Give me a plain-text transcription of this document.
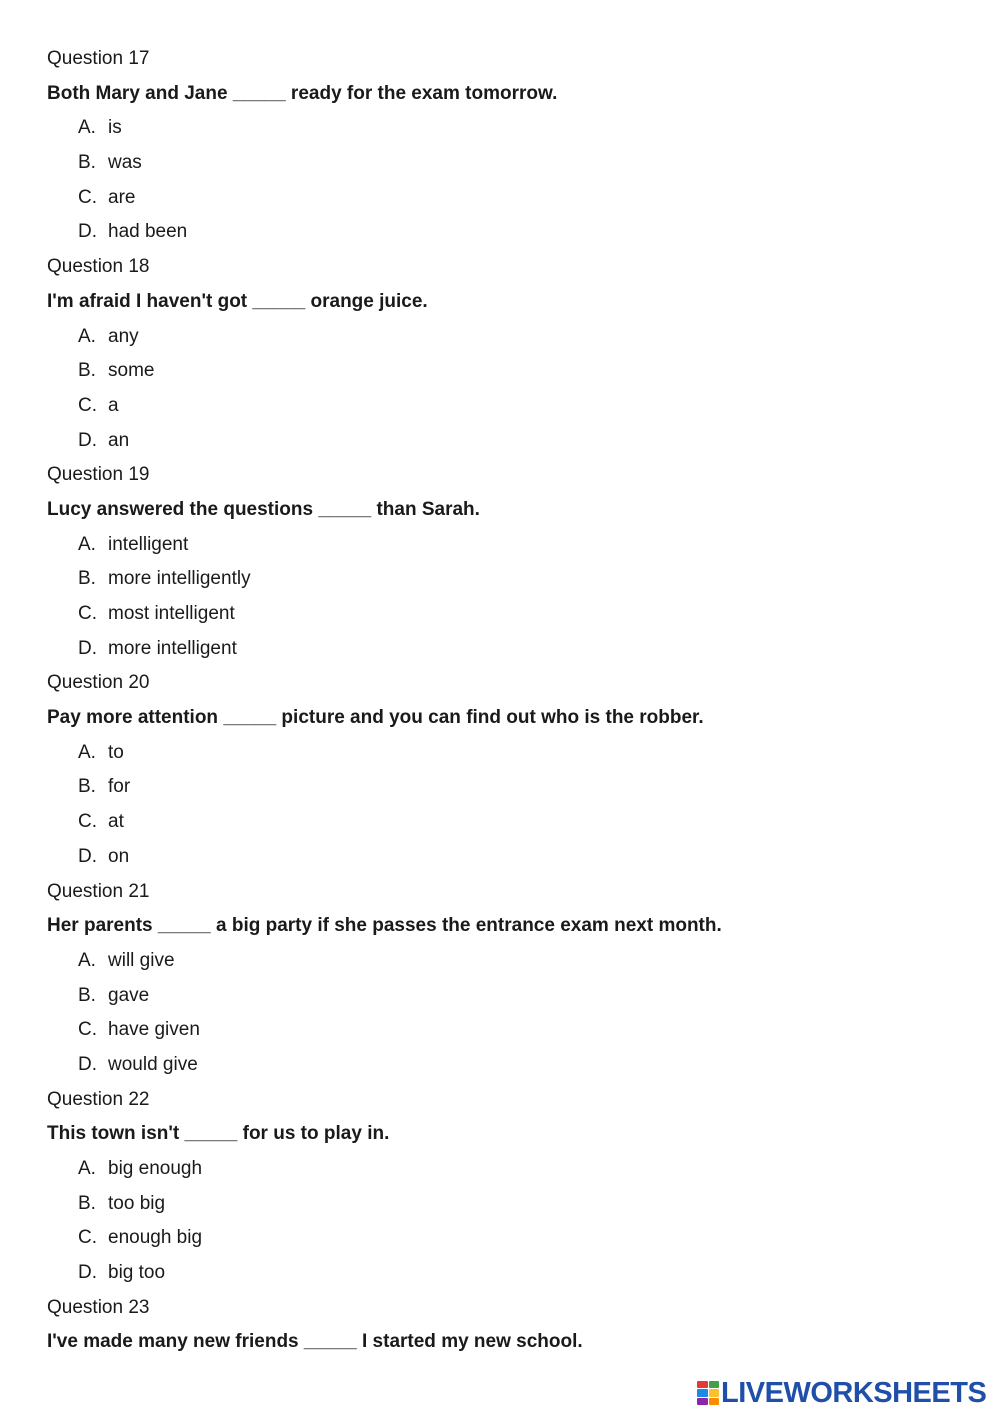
Question 17
Both Mary and Jane _____ ready for the exam tomorrow.
A. is
B. was
C. are
D. had been
Question 18
I'm afraid I haven't got _____ orange juice.
A. any
B. some
C. a
D. an
Question 19
Lucy answered the questions _____ than Sarah.
A. intelligent
B. more intelligently
C. most intelligent
D. more intelligent
Question 20
Pay more attention _____ picture and you can find out who is the robber.
A. to
B. for
C. at
D. on
Question 21
Her parents _____ a big party if she passes the entrance exam next month.
A. will give
B. gave
C. have given
D. would give
Question 22
This town isn't _____ for us to play in.
A. big enough
B. too big
C. enough big
D. big too
Question 23
I've made many new friends _____ I started my new school.
LIVEWORKSHEETS
